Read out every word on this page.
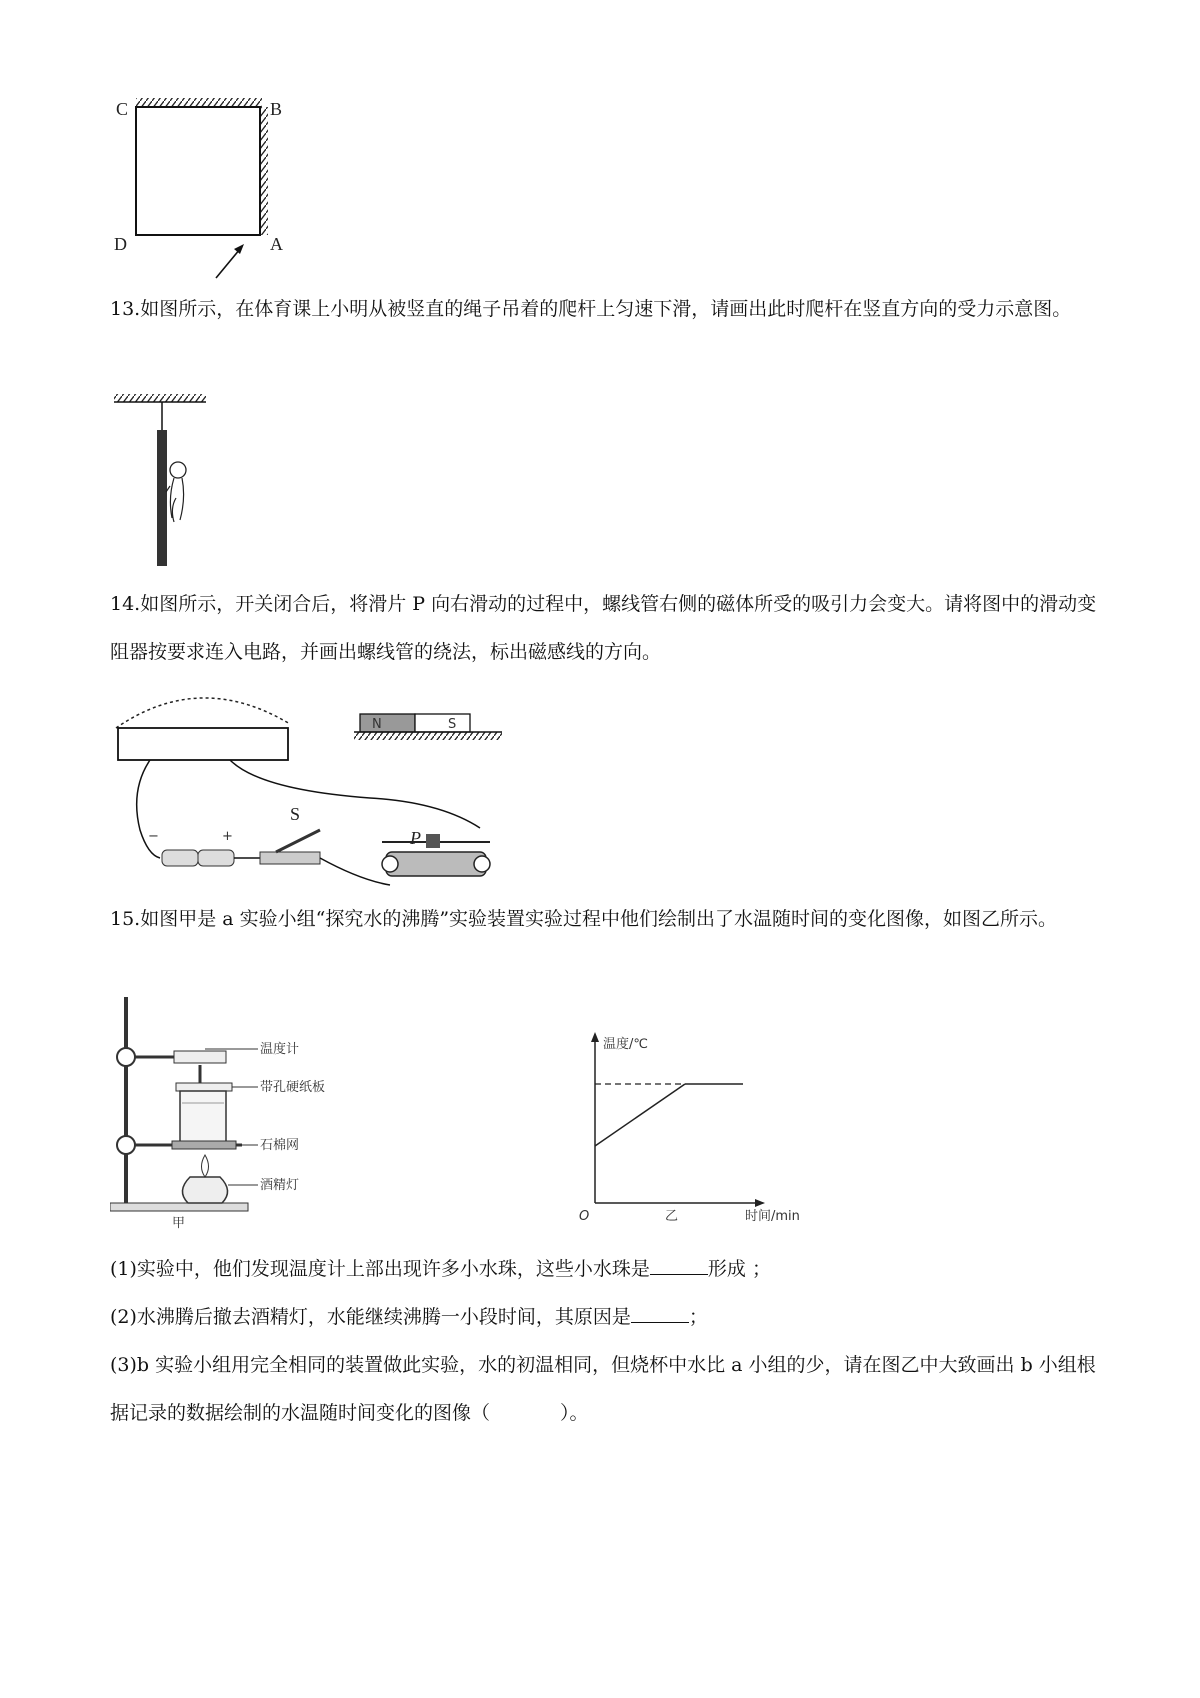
C	B
D	A

13.如图所示，在体育课上小明从被竖直的绳子吊着的爬杆上匀速下滑，请画出此时爬杆在竖直方向的受力示意图。

14.如图所示，开关闭合后，将滑片 P 向右滑动的过程中，螺线管右侧的磁体所受的吸引力会变大。请将图中的滑动变阻器按要求连入电路，并画出螺线管的绕法，标出磁感线的方向。

N	S
−	+
S
P

15.如图甲是 a 实验小组“探究水的沸腾”实验装置实验过程中他们绘制出了水温随时间的变化图像，如图乙所示。

温度计
带孔硬纸板
石棉网
酒精灯
甲
温度/℃
O	乙	时间/min

(1)实验中，他们发现温度计上部出现许多小水珠，这些小水珠是	形成 ；

(2)水沸腾后撤去酒精灯，水能继续沸腾一小段时间，其原因是	；

(3)b 实验小组用完全相同的装置做此实验，水的初温相同，但烧杯中水比 a 小组的少，请在图乙中大致画出 b 小组根据记录的数据绘制的水温随时间变化的图像（	）。
